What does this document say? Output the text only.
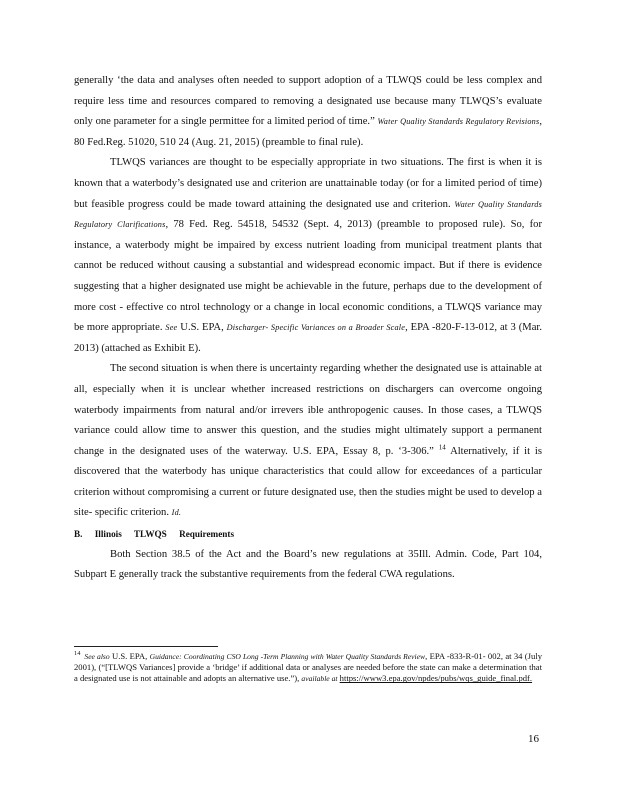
generally ‘the data and analyses often needed to support adoption of a TLWQS could be less complex and require less time and resources compared to removing a designated use because many TLWQS’s evaluate only one parameter for a single permittee for a limited period of time.” Water Quality Standards Regulatory Revisions, 80 Fed.Reg. 51020, 510 24 (Aug. 21, 2015) (preamble to final rule).

TLWQS variances are thought to be especially appropriate in two situations. The first is when it is known that a waterbody’s designated use and criterion are unattainable today (or for a limited period of time) but feasible progress could be made toward attaining the designated use and criterion. Water Quality Standards Regulatory Clarifications, 78 Fed. Reg. 54518, 54532 (Sept. 4, 2013) (preamble to proposed rule). So, for instance, a waterbody might be impaired by excess nutrient loading from municipal treatment plants that cannot be reduced without causing a substantial and widespread economic impact. But if there is evidence suggesting that a higher designated use might be achievable in the future, perhaps due to the development of more cost - effective co ntrol technology or a change in local economic conditions, a TLWQS variance may be more appropriate. See U.S. EPA, Discharger- Specific Variances on a Broader Scale, EPA -820-F-13-012, at 3 (Mar. 2013) (attached as Exhibit E).

The second situation is when there is uncertainty regarding whether the designated use is attainable at all, especially when it is unclear whether increased restrictions on dischargers can overcome ongoing waterbody impairments from natural and/or irrevers ible anthropogenic causes. In those cases, a TLWQS variance could allow time to answer this question, and the studies might ultimately support a permanent change in the designated uses of the waterway. U.S. EPA, Essay 8, p. ‘3-306.” $^{14}$ Alternatively, if it is discovered that the waterbody has unique characteristics that could allow for exceedances of a particular criterion without compromising a current or future designated use, then the studies might be used to develop a site- specific criterion. Id.

B. Illinois TLWQS Requirements

Both Section 38.5 of the Act and the Board’s new regulations at 35Ill. Admin. Code, Part 104, Subpart E generally track the substantive requirements from the federal CWA regulations.

$^{14}$ See also U.S. EPA, Guidance: Coordinating CSO Long -Term Planning with Water Quality Standards Review, EPA -833-R-01- 002, at 34 (July 2001), (“[TLWQS Variances] provide a ‘bridge’ if additional data or analyses are needed before the state can make a determination that a designated use is not attainable and adopts an alternative use.”), available at https://www3.epa.gov/npdes/pubs/wqs_guide_final.pdf.
16
